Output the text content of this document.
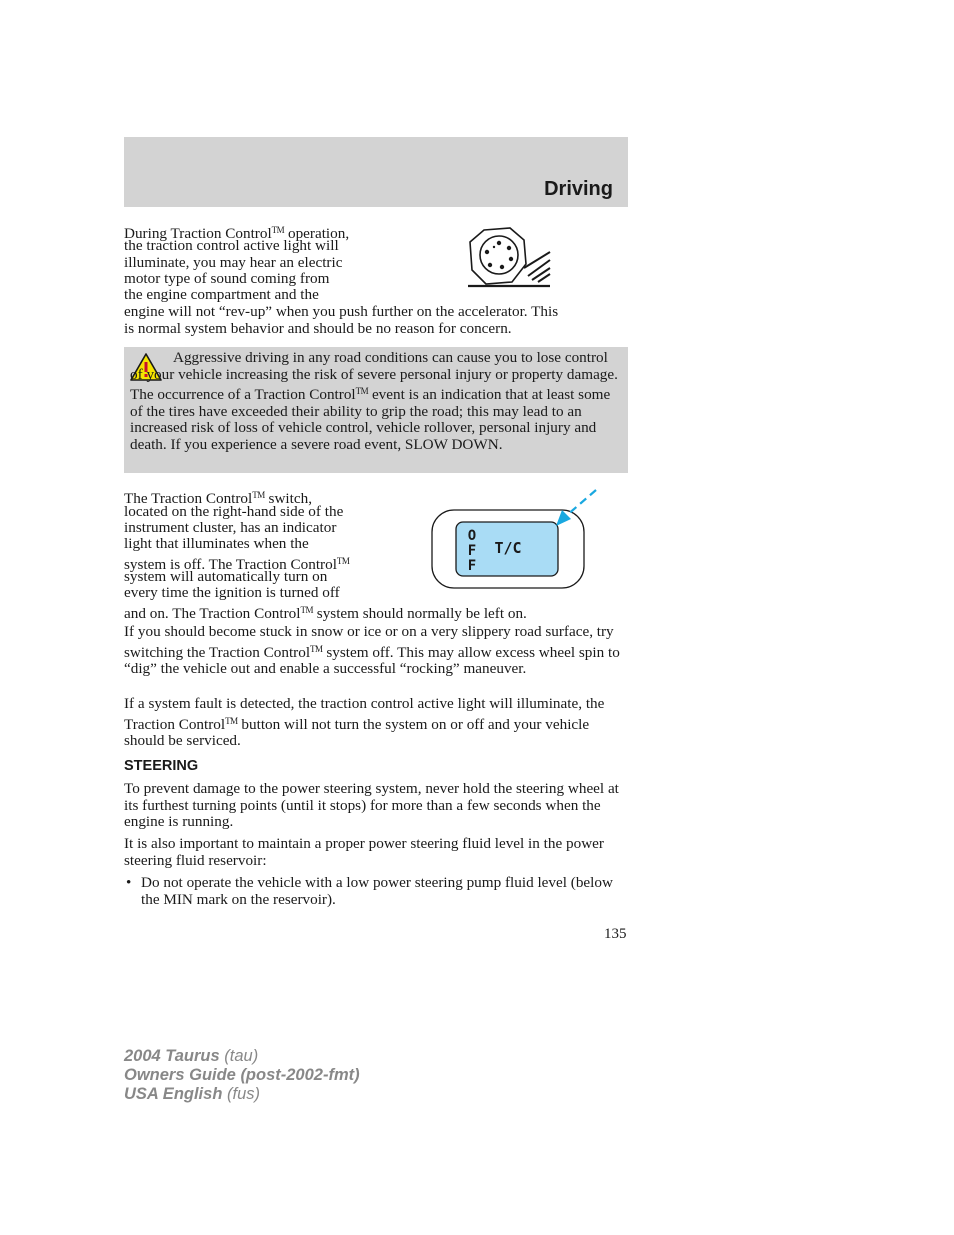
Driving
During Traction Control™ operation,
the traction control active light will
illuminate, you may hear an electric
motor type of sound coming from
the engine compartment and the
engine will not “rev-up” when you push further on the accelerator. This
is normal system behavior and should be no reason for concern.

Aggressive driving in any road conditions can cause you to lose control of your vehicle increasing the risk of severe personal injury or property damage. The occurrence of a Traction Control™ event is an indication that at least some of the tires have exceeded their ability to grip the road; this may lead to an increased risk of loss of vehicle control, vehicle rollover, personal injury and death. If you experience a severe road event, SLOW DOWN.

The Traction Control™ switch,
located on the right-hand side of the
instrument cluster, has an indicator
light that illuminates when the
system is off. The Traction Control™
system will automatically turn on
every time the ignition is turned off
and on. The Traction Control™ system should normally be left on.
O
F
F
T/C
If you should become stuck in snow or ice or on a very slippery road surface, try switching the Traction Control™ system off. This may allow excess wheel spin to “dig” the vehicle out and enable a successful “rocking” maneuver.
If a system fault is detected, the traction control active light will illuminate, the Traction Control™ button will not turn the system on or off and your vehicle should be serviced.
STEERING
To prevent damage to the power steering system, never hold the steering wheel at its furthest turning points (until it stops) for more than a few seconds when the engine is running.
It is also important to maintain a proper power steering fluid level in the power steering fluid reservoir:
• Do not operate the vehicle with a low power steering pump fluid level (below the MIN mark on the reservoir).

135
2004 Taurus (tau)
Owners Guide (post-2002-fmt)
USA English (fus)
